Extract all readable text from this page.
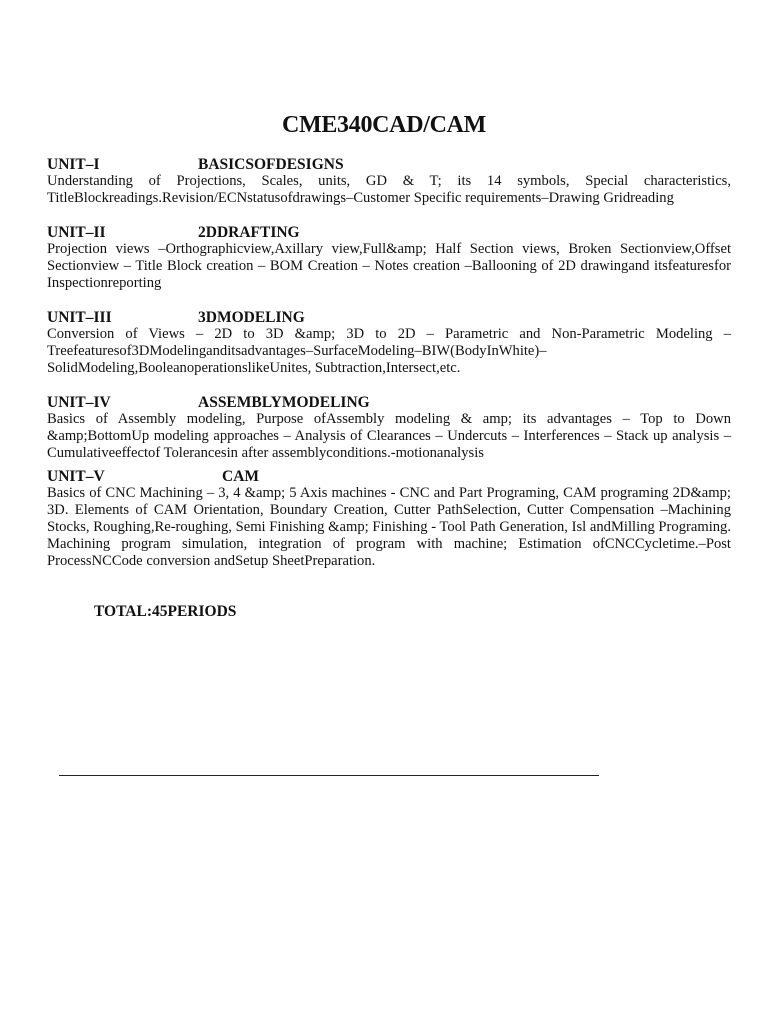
CME340CAD/CAM
UNIT–I	BASICSOFDESIGNS
Understanding of Projections, Scales, units, GD & T; its 14 symbols, Special characteristics, TitleBlockreadings.Revision/ECNstatusofdrawings–Customer Specific requirements–Drawing Gridreading
UNIT–II	2DDRAFTING
Projection views –Orthographicview,Axillary view,Full&amp; Half Section views, Broken Sectionview,Offset Sectionview – Title Block creation – BOM Creation – Notes creation –Ballooning of 2D drawingand itsfeaturesfor Inspectionreporting
UNIT–III	3DMODELING
Conversion of Views – 2D to 3D &amp; 3D to 2D – Parametric and Non-Parametric Modeling – Treefeaturesof3DModelinganditsadvantages–SurfaceModeling–BIW(BodyInWhite)– SolidModeling,BooleanoperationslikeUnites, Subtraction,Intersect,etc.
UNIT–IV	ASSEMBLYMODELING
Basics of Assembly modeling, Purpose ofAssembly modeling & amp; its advantages – Top to Down &amp;BottomUp modeling approaches – Analysis of Clearances – Undercuts – Interferences – Stack up analysis –Cumulativeeffectof Tolerancesin after assemblyconditions.-motionanalysis
UNIT–V	CAM
Basics of CNC Machining – 3, 4 &amp; 5 Axis machines - CNC and Part Programing, CAM programing 2D&amp; 3D. Elements of CAM Orientation, Boundary Creation, Cutter PathSelection, Cutter Compensation –Machining Stocks, Roughing,Re-roughing, Semi Finishing &amp; Finishing - Tool Path Generation, Isl andMilling Programing. Machining program simulation, integration of program with machine; Estimation ofCNCCycletime.–Post ProcessNCCode conversion andSetup SheetPreparation.
TOTAL:45PERIODS
